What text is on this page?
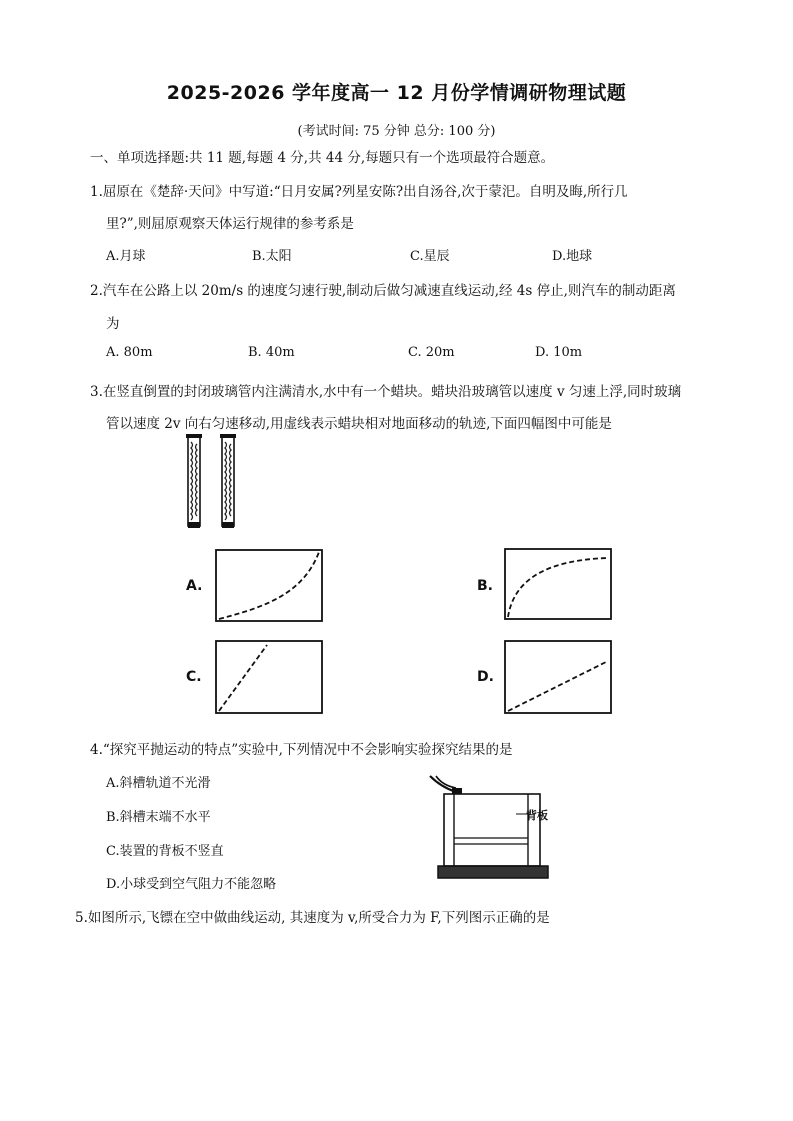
2025-2026 学年度高一 12 月份学情调研物理试题
(考试时间: 75 分钟 总分: 100 分)
一、单项选择题:共 11 题,每题 4 分,共 44 分,每题只有一个选项最符合题意。
1.屈原在《楚辞·天问》中写道:“日月安属?列星安陈?出自汤谷,次于蒙汜。自明及晦,所行几
里?”,则屈原观察天体运行规律的参考系是
A.月球	B.太阳	C.星辰	D.地球
2.汽车在公路上以 20m/s 的速度匀速行驶,制动后做匀减速直线运动,经 4s 停止,则汽车的制动距离
为
A. 80m	B. 40m	C. 20m	D. 10m
3.在竖直倒置的封闭玻璃管内注满清水,水中有一个蜡块。蜡块沿玻璃管以速度 v 匀速上浮,同时玻璃
管以速度 2v 向右匀速移动,用虚线表示蜡块相对地面移动的轨迹,下面四幅图中可能是
A.	B.
C.	D.
4.“探究平抛运动的特点”实验中,下列情况中不会影响实验探究结果的是
A.斜槽轨道不光滑
B.斜槽末端不水平
C.装置的背板不竖直
D.小球受到空气阻力不能忽略
背板
5.如图所示,飞镖在空中做曲线运动, 其速度为 v,所受合力为 F,下列图示正确的是
